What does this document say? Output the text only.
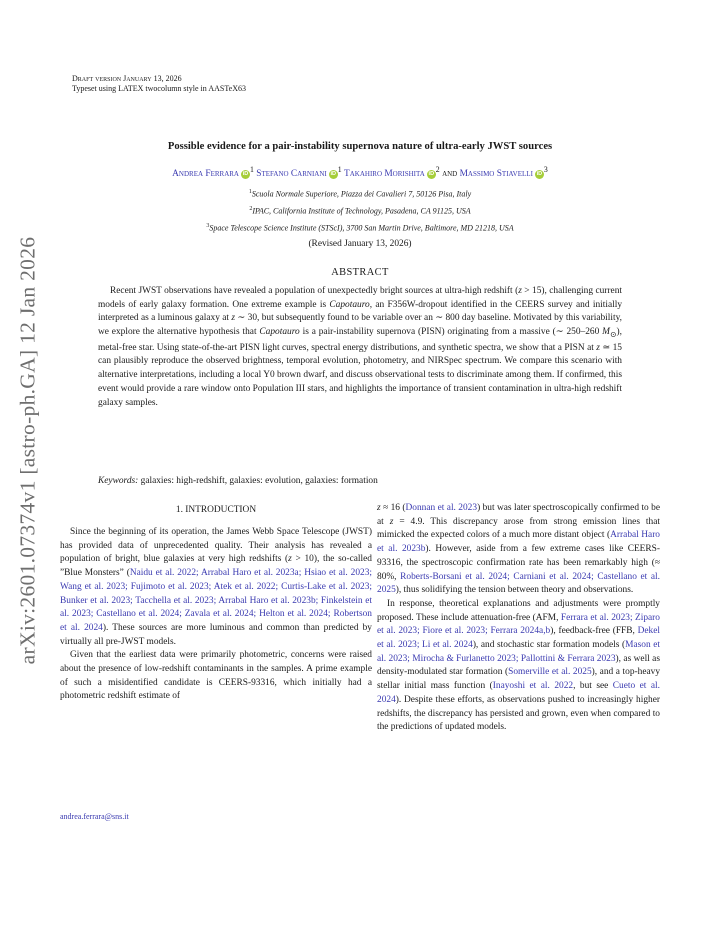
arXiv:2601.07374v1 [astro-ph.GA] 12 Jan 2026
Draft version January 13, 2026
Typeset using LATEX twocolumn style in AASTeX63
Possible evidence for a pair-instability supernova nature of ultra-early JWST sources
Andrea Ferrara $iD^1$ Stefano Carniani $iD^1$ Takahiro Morishita $iD^2$ and Massimo Stiavelli $iD^3$
$^1$Scuola Normale Superiore, Piazza dei Cavalieri 7, 50126 Pisa, Italy
$^2$IPAC, California Institute of Technology, Pasadena, CA 91125, USA
$^3$Space Telescope Science Institute (STScI), 3700 San Martin Drive, Baltimore, MD 21218, USA
(Revised January 13, 2026)
ABSTRACT
Recent JWST observations have revealed a population of unexpectedly bright sources at ultra-high redshift (z > 15), challenging current models of early galaxy formation. One extreme example is Capotauro, an F356W-dropout identified in the CEERS survey and initially interpreted as a luminous galaxy at z ∼ 30, but subsequently found to be variable over an ∼ 800 day baseline. Motivated by this variability, we explore the alternative hypothesis that Capotauro is a pair-instability supernova (PISN) originating from a massive (∼ 250–260 $M_⊙$), metal-free star. Using state-of-the-art PISN light curves, spectral energy distributions, and synthetic spectra, we show that a PISN at z ≃ 15 can plausibly reproduce the observed brightness, temporal evolution, photometry, and NIRSpec spectrum. We compare this scenario with alternative interpretations, including a local Y0 brown dwarf, and discuss observational tests to discriminate among them. If confirmed, this event would provide a rare window onto Population III stars, and highlights the importance of transient contamination in ultra-high redshift galaxy samples.
Keywords: galaxies: high-redshift, galaxies: evolution, galaxies: formation
1. INTRODUCTION

Since the beginning of its operation, the James Webb Space Telescope (JWST) has provided data of unprecedented quality. Their analysis has revealed a population of bright, blue galaxies at very high redshifts (z > 10), the so-called ”Blue Monsters” (Naidu et al. 2022; Arrabal Haro et al. 2023a; Hsiao et al. 2023; Wang et al. 2023; Fujimoto et al. 2023; Atek et al. 2022; Curtis-Lake et al. 2023; Bunker et al. 2023; Tacchella et al. 2023; Arrabal Haro et al. 2023b; Finkelstein et al. 2023; Castellano et al. 2024; Zavala et al. 2024; Helton et al. 2024; Robertson et al. 2024). These sources are more luminous and common than predicted by virtually all pre-JWST models.

Given that the earliest data were primarily photometric, concerns were raised about the presence of low-redshift contaminants in the samples. A prime example of such a misidentified candidate is CEERS-93316, which initially had a photometric redshift estimate of

z ≈ 16 (Donnan et al. 2023) but was later spectroscopically confirmed to be at z = 4.9. This discrepancy arose from strong emission lines that mimicked the expected colors of a much more distant object (Arrabal Haro et al. 2023b). However, aside from a few extreme cases like CEERS-93316, the spectroscopic confirmation rate has been remarkably high (≈ 80%, Roberts-Borsani et al. 2024; Carniani et al. 2024; Castellano et al. 2025), thus solidifying the tension between theory and observations.

In response, theoretical explanations and adjustments were promptly proposed. These include attenuation-free (AFM, Ferrara et al. 2023; Ziparo et al. 2023; Fiore et al. 2023; Ferrara 2024a,b), feedback-free (FFB, Dekel et al. 2023; Li et al. 2024), and stochastic star formation models (Mason et al. 2023; Mirocha & Furlanetto 2023; Pallottini & Ferrara 2023), as well as density-modulated star formation (Somerville et al. 2025), and a top-heavy stellar initial mass function (Inayoshi et al. 2022, but see Cueto et al. 2024). Despite these efforts, as observations pushed to increasingly higher redshifts, the discrepancy has persisted and grown, even when compared to the predictions of updated models.

andrea.ferrara@sns.it
